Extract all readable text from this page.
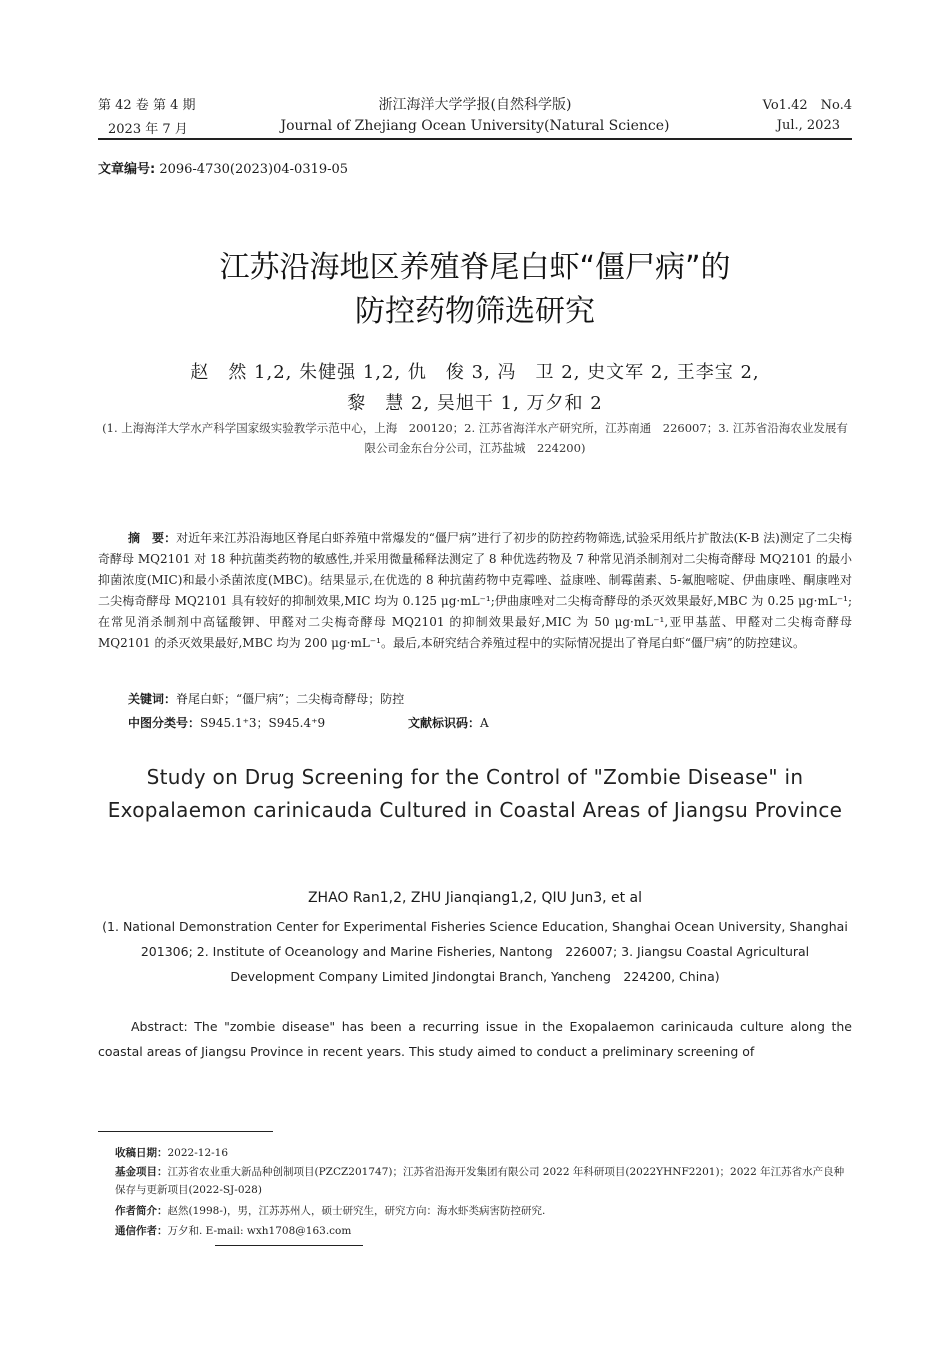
第 42 卷 第 4 期
2023 年 7 月
浙江海洋大学学报(自然科学版)
Journal of Zhejiang Ocean University(Natural Science)
Vo1.42　No.4
Jul., 2023
文章编号: 2096-4730(2023)04-0319-05
江苏沿海地区养殖脊尾白虾“僵尸病”的
防控药物筛选研究
赵　然 1,2, 朱健强 1,2, 仇　俊 3, 冯　卫 2, 史文军 2, 王李宝 2,
黎　慧 2, 吴旭干 1, 万夕和 2
(1. 上海海洋大学水产科学国家级实验教学示范中心，上海　200120；2. 江苏省海洋水产研究所，江苏南通　226007；3. 江苏省沿海农业发展有限公司金东台分公司，江苏盐城　224200)
摘　要：对近年来江苏沿海地区脊尾白虾养殖中常爆发的“僵尸病”进行了初步的防控药物筛选,试验采用纸片扩散法(K-B 法)测定了二尖梅奇酵母 MQ2101 对 18 种抗菌类药物的敏感性,并采用微量稀释法测定了 8 种优选药物及 7 种常见消杀制剂对二尖梅奇酵母 MQ2101 的最小抑菌浓度(MIC)和最小杀菌浓度(MBC)。结果显示,在优选的 8 种抗菌药物中克霉唑、益康唑、制霉菌素、5-氟胞嘧啶、伊曲康唑、酮康唑对二尖梅奇酵母 MQ2101 具有较好的抑制效果,MIC 均为 0.125 μg·mL⁻¹;伊曲康唑对二尖梅奇酵母的杀灭效果最好,MBC 为 0.25 μg·mL⁻¹;在常见消杀制剂中高锰酸钾、甲醛对二尖梅奇酵母 MQ2101 的抑制效果最好,MIC 为 50 μg·mL⁻¹,亚甲基蓝、甲醛对二尖梅奇酵母 MQ2101 的杀灭效果最好,MBC 均为 200 μg·mL⁻¹。最后,本研究结合养殖过程中的实际情况提出了脊尾白虾“僵尸病”的防控建议。
关键词：脊尾白虾；“僵尸病”；二尖梅奇酵母；防控
中图分类号：S945.1⁺3；S945.4⁺9	文献标识码：A
Study on Drug Screening for the Control of "Zombie Disease" in Exopalaemon carinicauda Cultured in Coastal Areas of Jiangsu Province
ZHAO Ran1,2, ZHU Jianqiang1,2, QIU Jun3, et al
(1. National Demonstration Center for Experimental Fisheries Science Education, Shanghai Ocean University, Shanghai　201306; 2. Institute of Oceanology and Marine Fisheries, Nantong　226007; 3. Jiangsu Coastal Agricultural Development Company Limited Jindongtai Branch, Yancheng　224200, China)
Abstract: The "zombie disease" has been a recurring issue in the Exopalaemon carinicauda culture along the coastal areas of Jiangsu Province in recent years. This study aimed to conduct a preliminary screening of
收稿日期：2022-12-16
基金项目：江苏省农业重大新品种创制项目(PZCZ201747)；江苏省沿海开发集团有限公司 2022 年科研项目(2022YHNF2201)；2022 年江苏省水产良种保存与更新项目(2022-SJ-028)
作者简介：赵然(1998-)，男，江苏苏州人，硕士研究生，研究方向：海水虾类病害防控研究.
通信作者：万夕和. E-mail: wxh1708@163.com
